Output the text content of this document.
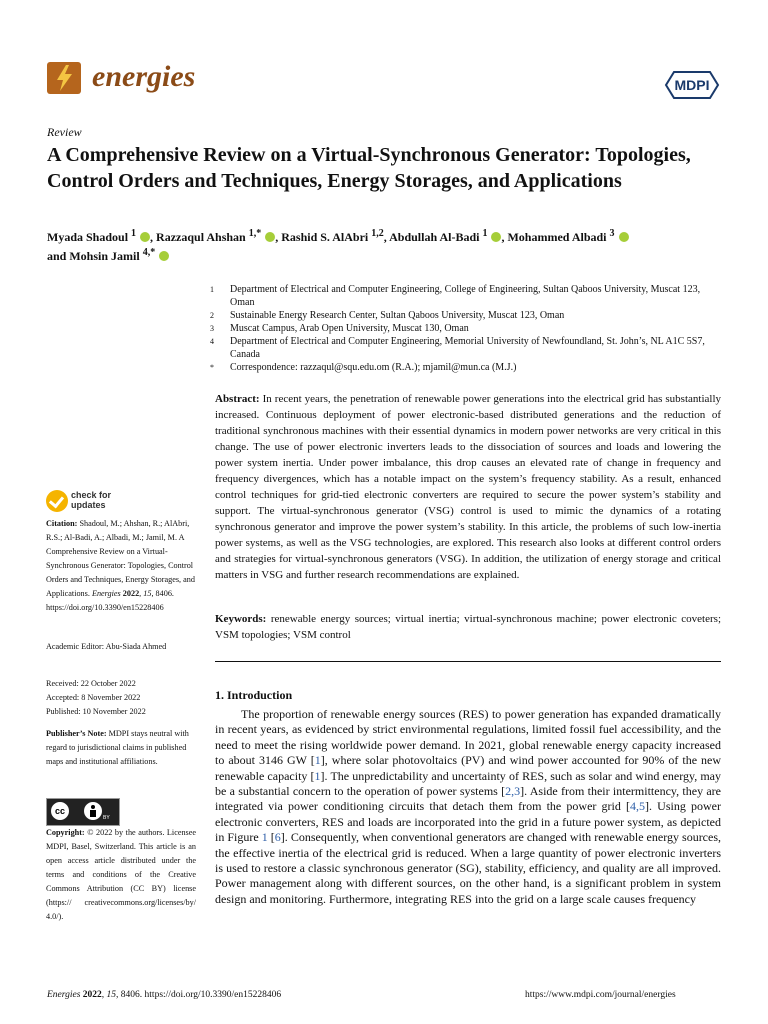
energies	MDPI
Review
A Comprehensive Review on a Virtual-Synchronous Generator: Topologies, Control Orders and Techniques, Energy Storages, and Applications
Myada Shadoul $^1$ , Razzaqul Ahshan $^{1,*}$ , Rashid S. AlAbri $^{1,2}$, Abdullah Al-Badi $^1$ , Mohammed Albadi $^3$
and Mohsin Jamil $^{4,*}$
1	Department of Electrical and Computer Engineering, College of Engineering, Sultan Qaboos University, Muscat 123, Oman
2	Sustainable Energy Research Center, Sultan Qaboos University, Muscat 123, Oman
3	Muscat Campus, Arab Open University, Muscat 130, Oman
4	Department of Electrical and Computer Engineering, Memorial University of Newfoundland, St. John’s, NL A1C 5S7, Canada
*	Correspondence: razzaqul@squ.edu.om (R.A.); mjamil@mun.ca (M.J.)
Abstract: In recent years, the penetration of renewable power generations into the electrical grid has substantially increased. Continuous deployment of power electronic-based distributed generations and the reduction of traditional synchronous machines with their essential dynamics in modern power networks are very critical in this change. The use of power electronic inverters leads to the dissociation of sources and loads and lowering the power system inertia. Under power imbalance, this drop causes an elevated rate of change in frequency and frequency divergences, which has a notable impact on the system’s frequency stability. As a result, enhanced control techniques for grid-tied electronic converters are required to secure the power system’s stability and support. The virtual-synchronous generator (VSG) control is used to mimic the dynamics of a rotating synchronous generator and improve the power system’s stability. In this article, the problems of such low-inertia power systems, as well as the VSG technologies, are explored. This research also looks at different control orders and strategies for virtual-synchronous generators (VSG). In addition, the utilization of energy storage and critical matters in VSG and further research recommendations are explained.
Keywords: renewable energy sources; virtual inertia; virtual-synchronous machine; power electronic coveters; VSM topologies; VSM control
1. Introduction

The proportion of renewable energy sources (RES) to power generation has expanded dramatically in recent years, as evidenced by strict environmental regulations, limited fossil fuel accessibility, and the need to meet the rising worldwide power demand. In 2021, global renewable energy capacity increased to about 3146 GW [1], where solar photovoltaics (PV) and wind power accounted for 90% of the new renewable capacity [1]. The unpredictability and uncertainty of RES, such as solar and wind energy, may be a substantial concern to the operation of power systems [2,3]. Aside from their intermittency, they are integrated via power conditioning circuits that detach them from the power grid [4,5]. Using power electronic converters, RES and loads are incorporated into the grid in a future power system, as depicted in Figure 1 [6]. Consequently, when conventional generators are changed with renewable energy sources, the effective inertia of the electrical grid is reduced. When a large quantity of power electronic inverters is used to restore a classic synchronous generator (SG), stability, efficiency, and quality are all improved. Power management along with different sources, on the other hand, is a significant problem in system design and monitoring. Furthermore, integrating RES into the grid on a large scale causes frequency

check for updates
Citation: Shadoul, M.; Ahshan, R.; AlAbri, R.S.; Al-Badi, A.; Albadi, M.; Jamil, M. A Comprehensive Review on a Virtual-Synchronous Generator: Topologies, Control Orders and Techniques, Energy Storages, and Applications. Energies 2022, 15, 8406. https://doi.org/10.3390/en15228406
Academic Editor: Abu-Siada Ahmed
Received: 22 October 2022
Accepted: 8 November 2022
Published: 10 November 2022
Publisher’s Note: MDPI stays neutral with regard to jurisdictional claims in published maps and institutional affiliations.
cc
BY
Copyright: © 2022 by the authors. Licensee MDPI, Basel, Switzerland. This article is an open access article distributed under the terms and conditions of the Creative Commons Attribution (CC BY) license (https:// creativecommons.org/licenses/by/ 4.0/).
Energies 2022, 15, 8406. https://doi.org/10.3390/en15228406	https://www.mdpi.com/journal/energies
